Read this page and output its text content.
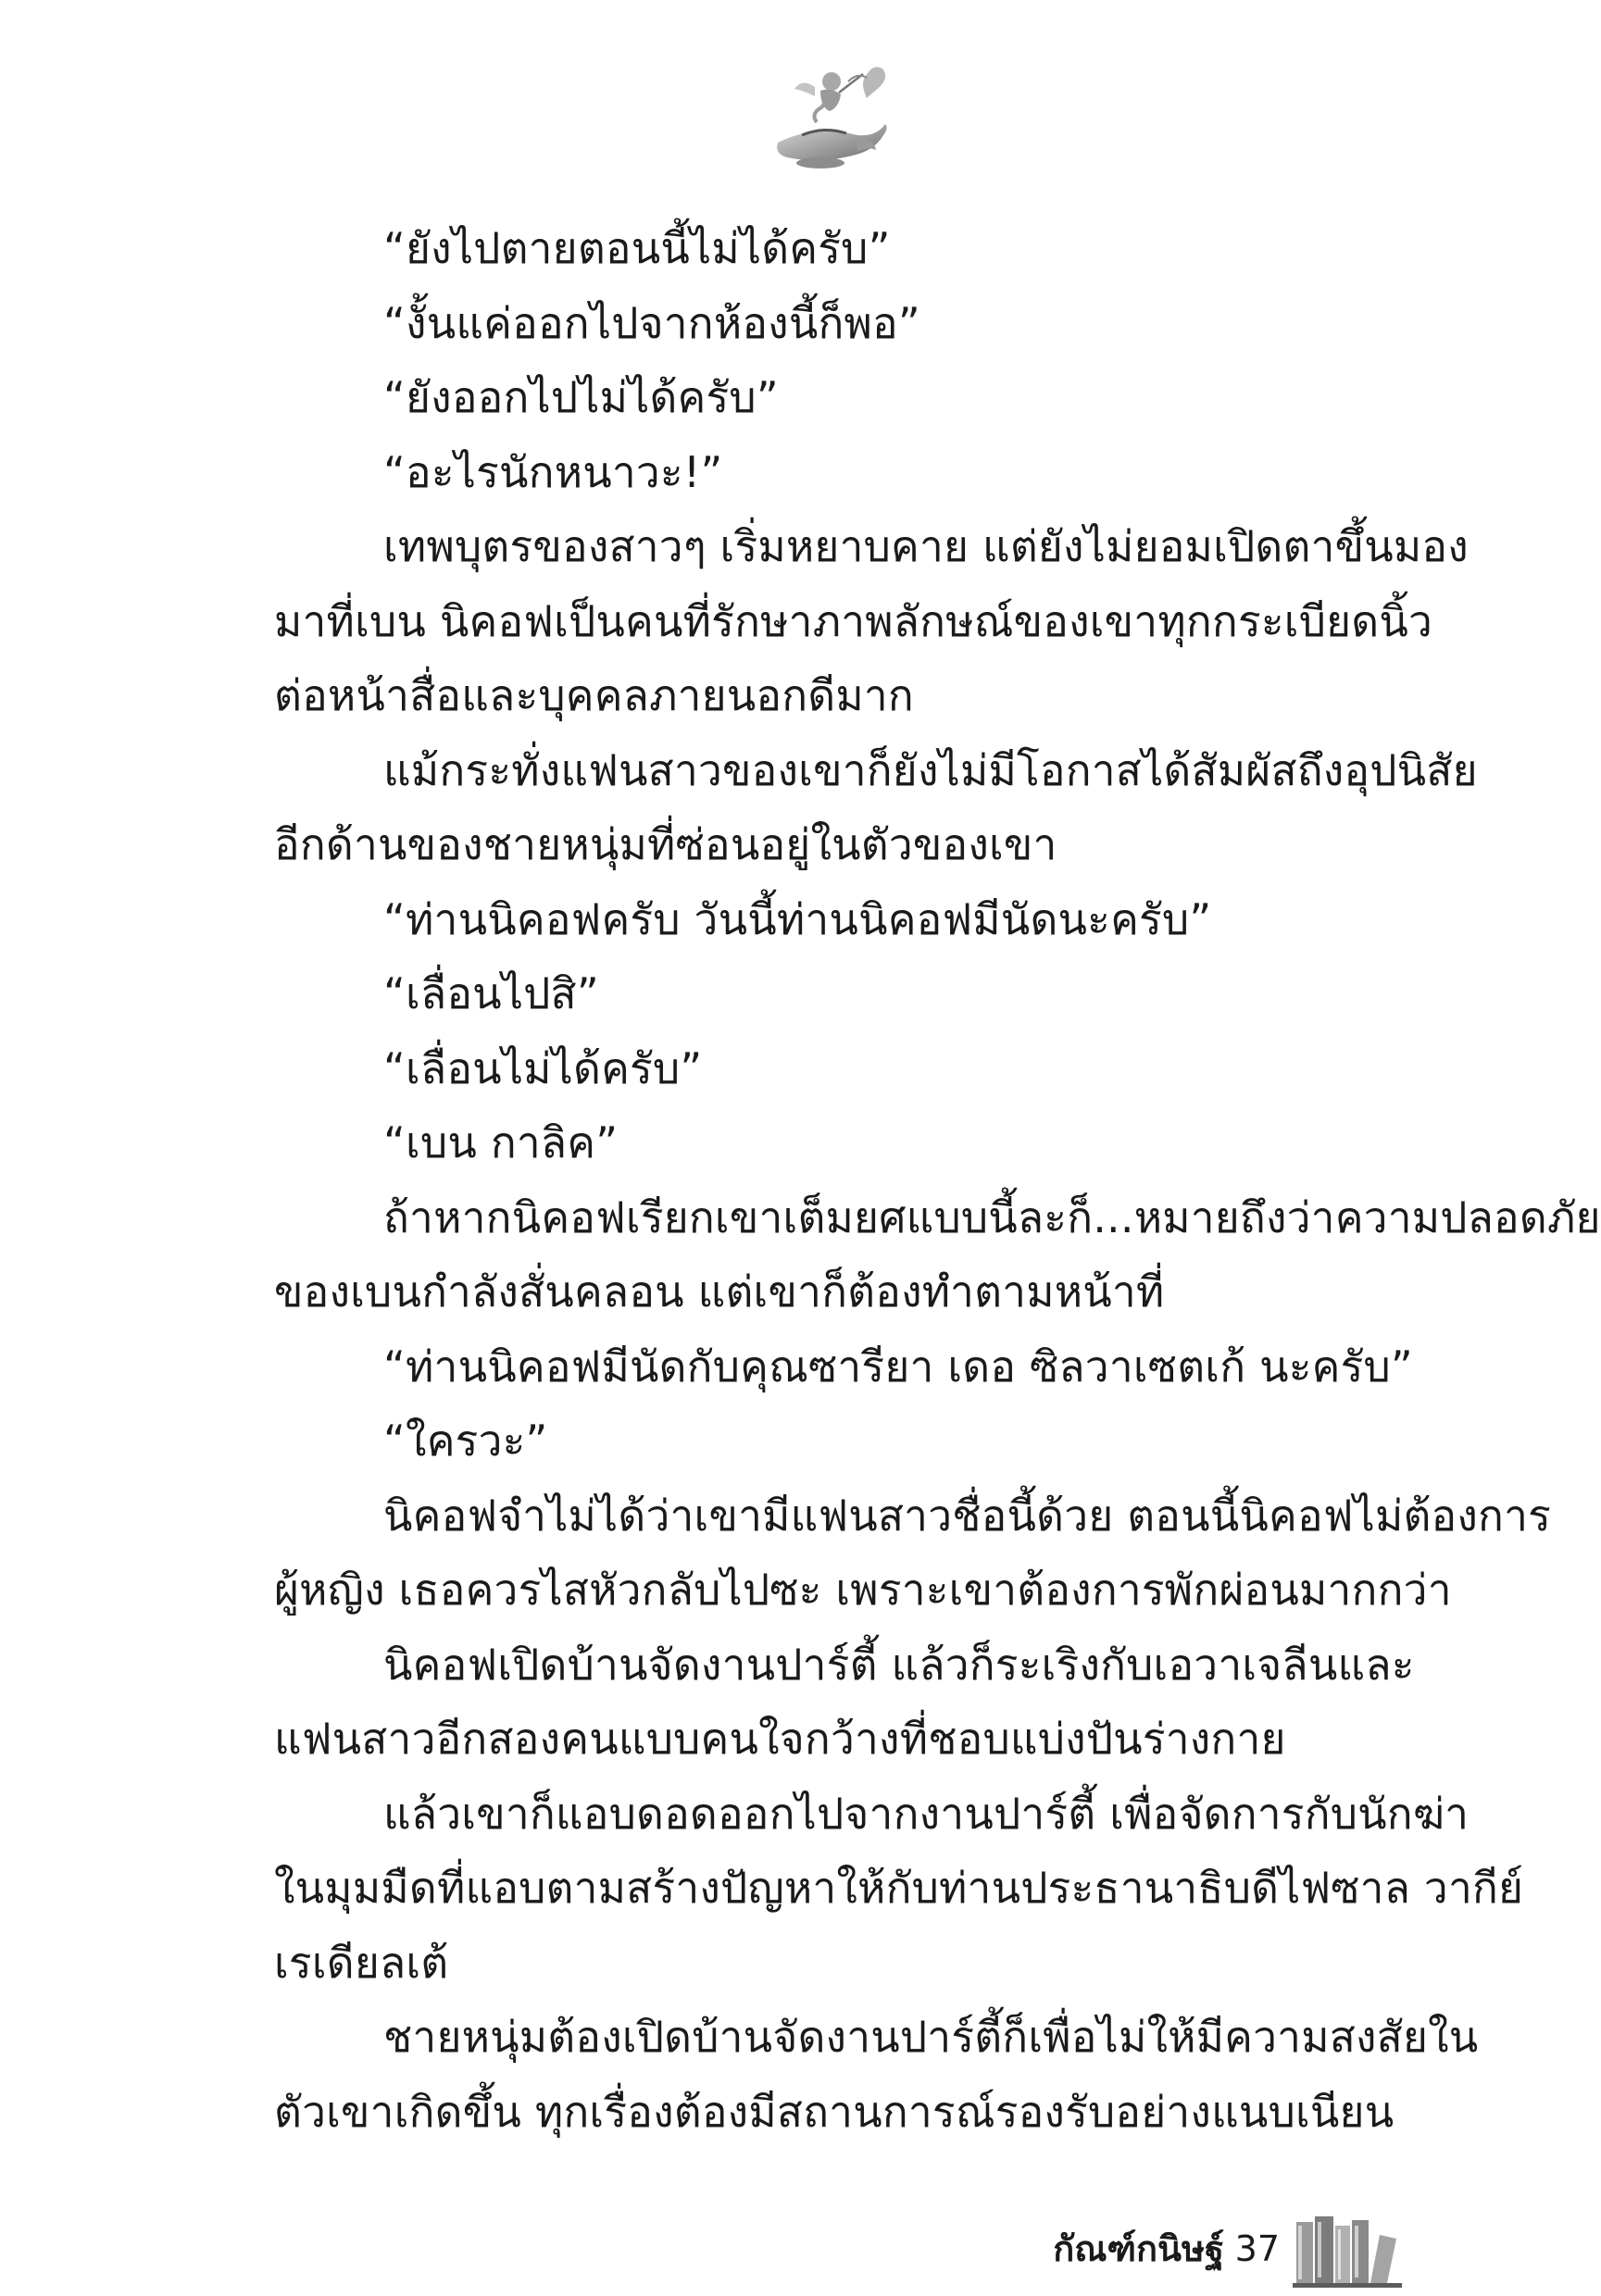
“ยังไปตายตอนนี้ไม่ได้ครับ”
“งั้นแค่ออกไปจากห้องนี้ก็พอ”
“ยังออกไปไม่ได้ครับ”
“อะไรนักหนาวะ!”
เทพบุตรของสาวๆ เริ่มหยาบคาย แต่ยังไม่ยอมเปิดตาขึ้นมอง
มาที่เบน นิคอฟเป็นคนที่รักษาภาพลักษณ์ของเขาทุกกระเบียดนิ้ว
ต่อหน้าสื่อและบุคคลภายนอกดีมาก
แม้กระทั่งแฟนสาวของเขาก็ยังไม่มีโอกาสได้สัมผัสถึงอุปนิสัย
อีกด้านของชายหนุ่มที่ซ่อนอยู่ในตัวของเขา
“ท่านนิคอฟครับ วันนี้ท่านนิคอฟมีนัดนะครับ”
“เลื่อนไปสิ”
“เลื่อนไม่ได้ครับ”
“เบน กาลิค”
ถ้าหากนิคอฟเรียกเขาเต็มยศแบบนี้ละก็...หมายถึงว่าความปลอดภัย
ของเบนกำลังสั่นคลอน แต่เขาก็ต้องทำตามหน้าที่
“ท่านนิคอฟมีนัดกับคุณซารียา เดอ ซิลวาเซตเก้ นะครับ”
“ใครวะ”
นิคอฟจำไม่ได้ว่าเขามีแฟนสาวชื่อนี้ด้วย ตอนนี้นิคอฟไม่ต้องการ
ผู้หญิง เธอควรไสหัวกลับไปซะ เพราะเขาต้องการพักผ่อนมากกว่า
นิคอฟเปิดบ้านจัดงานปาร์ตี้ แล้วก็ระเริงกับเอวาเจลีนและ
แฟนสาวอีกสองคนแบบคนใจกว้างที่ชอบแบ่งปันร่างกาย
แล้วเขาก็แอบดอดออกไปจากงานปาร์ตี้ เพื่อจัดการกับนักฆ่า
ในมุมมืดที่แอบตามสร้างปัญหาให้กับท่านประธานาธิบดีไฟซาล วากีย์
เรเดียลเต้
ชายหนุ่มต้องเปิดบ้านจัดงานปาร์ตี้ก็เพื่อไม่ให้มีความสงสัยใน
ตัวเขาเกิดขึ้น ทุกเรื่องต้องมีสถานการณ์รองรับอย่างแนบเนียน
กัณฑ์กนิษฐ์ 37
